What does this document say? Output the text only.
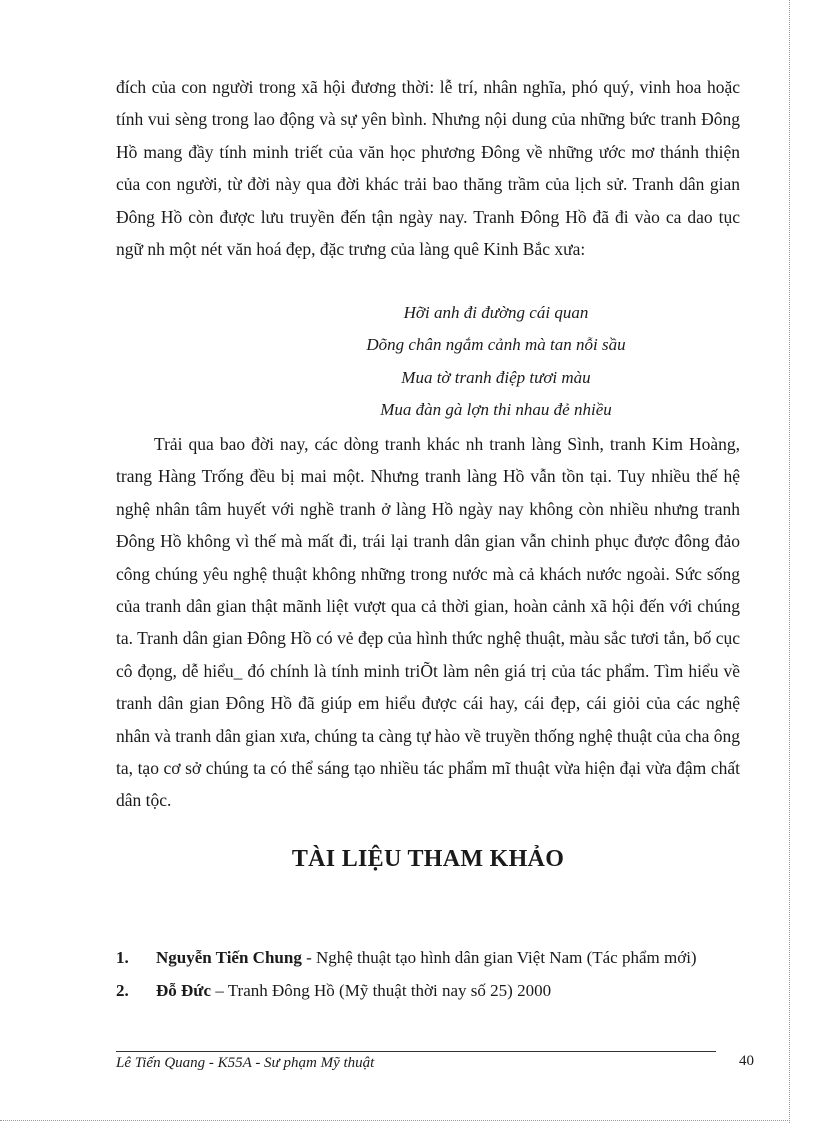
đích của con người trong xã hội đương thời: lễ trí, nhân nghĩa, phó quý, vinh hoa hoặc tính vui sèng trong lao động và sự yên bình. Nhưng nội dung của những bức tranh Đông Hồ mang đầy tính minh triết của văn học phương Đông về những ước mơ thánh thiện của con người, từ đời này qua đời khác trải bao thăng trầm của lịch sử. Tranh dân gian Đông Hồ còn được lưu truyền đến tận ngày nay. Tranh Đông Hồ đã đi vào ca dao tục ngữ nh một nét văn hoá đẹp, đặc trưng của làng quê Kinh Bắc xưa:

Hỡi anh đi đường cái quan
Dõng chân ngắm cảnh mà tan nỗi sầu
Mua tờ tranh điệp tươi màu
Mua đàn gà lợn thi nhau đẻ nhiều

Trải qua bao đời nay, các dòng tranh khác nh tranh làng Sình, tranh Kim Hoàng, trang Hàng Trống đều bị mai một. Nhưng tranh làng Hồ vẫn tồn tại. Tuy nhiều thế hệ nghệ nhân tâm huyết với nghề tranh ở làng Hồ ngày nay không còn nhiều nhưng tranh Đông Hồ không vì thế mà mất đi, trái lại tranh dân gian vẫn chinh phục được đông đảo công chúng yêu nghệ thuật không những trong nước mà cả khách nước ngoài. Sức sống của tranh dân gian thật mãnh liệt vượt qua cả thời gian, hoàn cảnh xã hội đến với chúng ta. Tranh dân gian Đông Hồ có vẻ đẹp của hình thức nghệ thuật, màu sắc tươi tắn, bố cục cô đọng, dễ hiểu_ đó chính là tính minh triÕt làm nên giá trị của tác phẩm. Tìm hiểu về tranh dân gian Đông Hồ đã giúp em hiểu được cái hay, cái đẹp, cái giỏi của các nghệ nhân và tranh dân gian xưa, chúng ta càng tự hào về truyền thống nghệ thuật của cha ông ta, tạo cơ sở chúng ta có thể sáng tạo nhiều tác phẩm mĩ thuật vừa hiện đại vừa đậm chất dân tộc.

TÀI LIỆU THAM KHẢO
1. Nguyễn Tiến Chung - Nghệ thuật tạo hình dân gian Việt Nam (Tác phẩm mới)
2. Đỗ Đức – Tranh Đông Hồ (Mỹ thuật thời nay số 25) 2000
Lê Tiến Quang - K55A - Sư phạm Mỹ thuật	40
